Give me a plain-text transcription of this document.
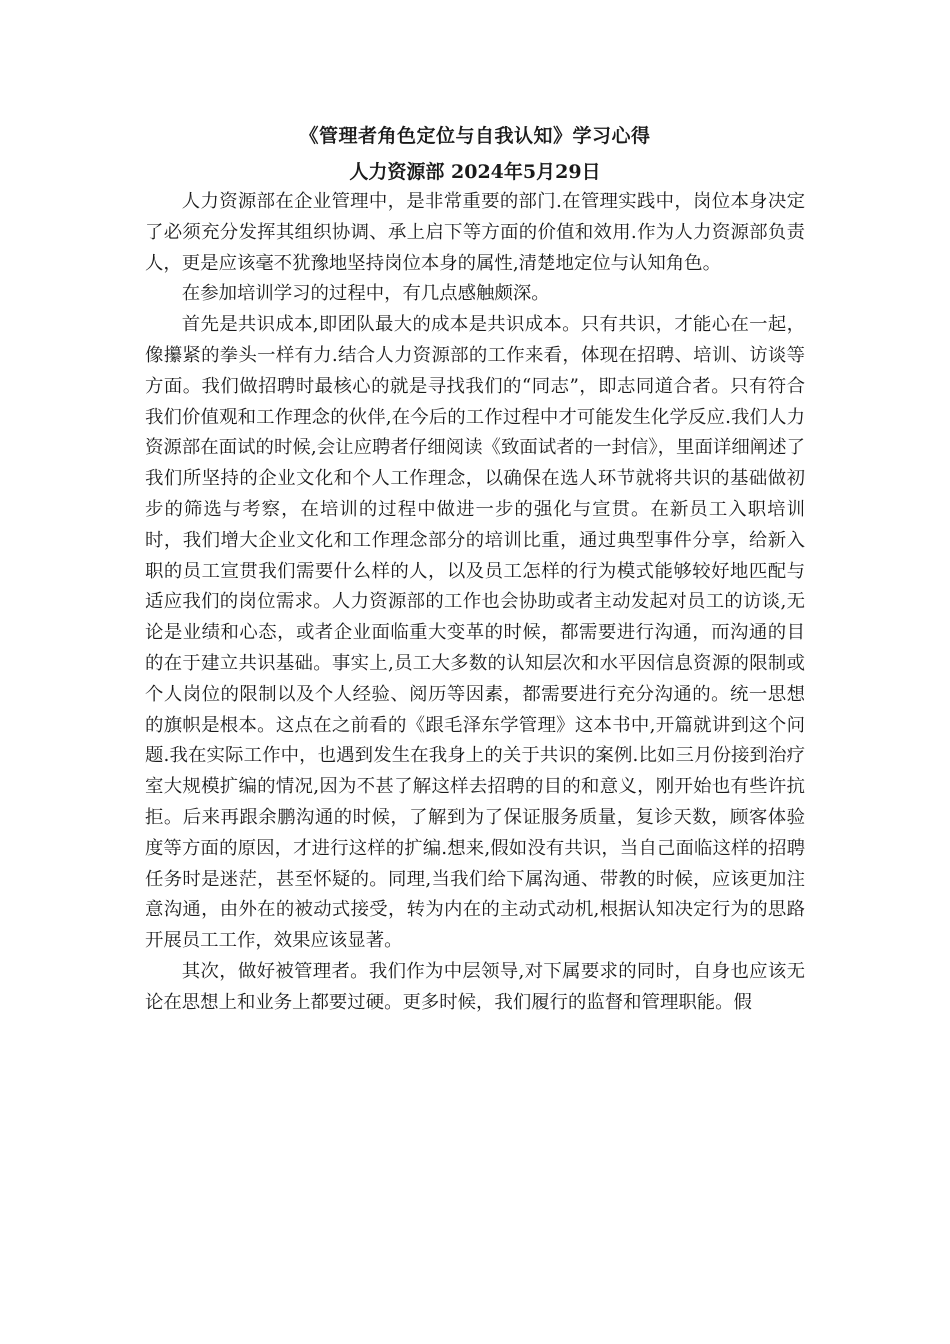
《管理者角色定位与自我认知》学习心得
人力资源部 2024年5月29日

人力资源部在企业管理中，是非常重要的部门.在管理实践中，岗位本身决定了必须充分发挥其组织协调、承上启下等方面的价值和效用.作为人力资源部负责人，更是应该毫不犹豫地坚持岗位本身的属性,清楚地定位与认知角色。

在参加培训学习的过程中，有几点感触颇深。

首先是共识成本,即团队最大的成本是共识成本。只有共识，才能心在一起，像攥紧的拳头一样有力.结合人力资源部的工作来看，体现在招聘、培训、访谈等方面。我们做招聘时最核心的就是寻找我们的“同志”，即志同道合者。只有符合我们价值观和工作理念的伙伴,在今后的工作过程中才可能发生化学反应.我们人力资源部在面试的时候,会让应聘者仔细阅读《致面试者的一封信》，里面详细阐述了我们所坚持的企业文化和个人工作理念，以确保在选人环节就将共识的基础做初步的筛选与考察，在培训的过程中做进一步的强化与宣贯。在新员工入职培训时，我们增大企业文化和工作理念部分的培训比重，通过典型事件分享，给新入职的员工宣贯我们需要什么样的人，以及员工怎样的行为模式能够较好地匹配与适应我们的岗位需求。人力资源部的工作也会协助或者主动发起对员工的访谈,无论是业绩和心态，或者企业面临重大变革的时候，都需要进行沟通，而沟通的目的在于建立共识基础。事实上,员工大多数的认知层次和水平因信息资源的限制或个人岗位的限制以及个人经验、阅历等因素，都需要进行充分沟通的。统一思想的旗帜是根本。这点在之前看的《跟毛泽东学管理》这本书中,开篇就讲到这个问题.我在实际工作中，也遇到发生在我身上的关于共识的案例.比如三月份接到治疗室大规模扩编的情况,因为不甚了解这样去招聘的目的和意义，刚开始也有些许抗拒。后来再跟余鹏沟通的时候，了解到为了保证服务质量，复诊天数，顾客体验度等方面的原因，才进行这样的扩编.想来,假如没有共识，当自己面临这样的招聘任务时是迷茫，甚至怀疑的。同理,当我们给下属沟通、带教的时候，应该更加注意沟通，由外在的被动式接受，转为内在的主动式动机,根据认知决定行为的思路开展员工工作，效果应该显著。

其次，做好被管理者。我们作为中层领导,对下属要求的同时，自身也应该无论在思想上和业务上都要过硬。更多时候，我们履行的监督和管理职能。假
